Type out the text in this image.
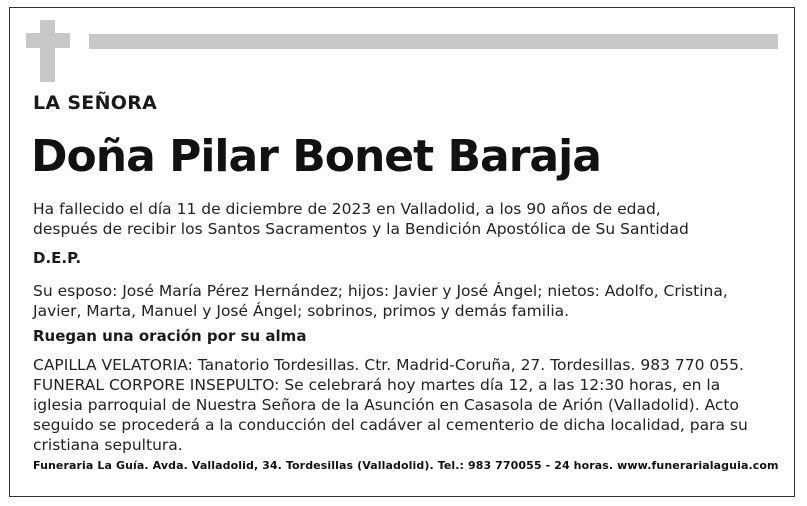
LA SEÑORA
Doña Pilar Bonet Baraja
Ha fallecido el día 11 de diciembre de 2023 en Valladolid, a los 90 años de edad,
después de recibir los Santos Sacramentos y la Bendición Apostólica de Su Santidad
D.E.P.
Su esposo: José María Pérez Hernández; hijos: Javier y José Ángel; nietos: Adolfo, Cristina,
Javier, Marta, Manuel y José Ángel; sobrinos, primos y demás familia.
Ruegan una oración por su alma
CAPILLA VELATORIA: Tanatorio Tordesillas. Ctr. Madrid-Coruña, 27. Tordesillas. 983 770 055.
FUNERAL CORPORE INSEPULTO: Se celebrará hoy martes día 12, a las 12:30 horas, en la
iglesia parroquial de Nuestra Señora de la Asunción en Casasola de Arión (Valladolid). Acto
seguido se procederá a la conducción del cadáver al cementerio de dicha localidad, para su
cristiana sepultura.
Funeraria La Guía. Avda. Valladolid, 34. Tordesillas (Valladolid). Tel.: 983 770055 - 24 horas. www.funerarialaguia.com
